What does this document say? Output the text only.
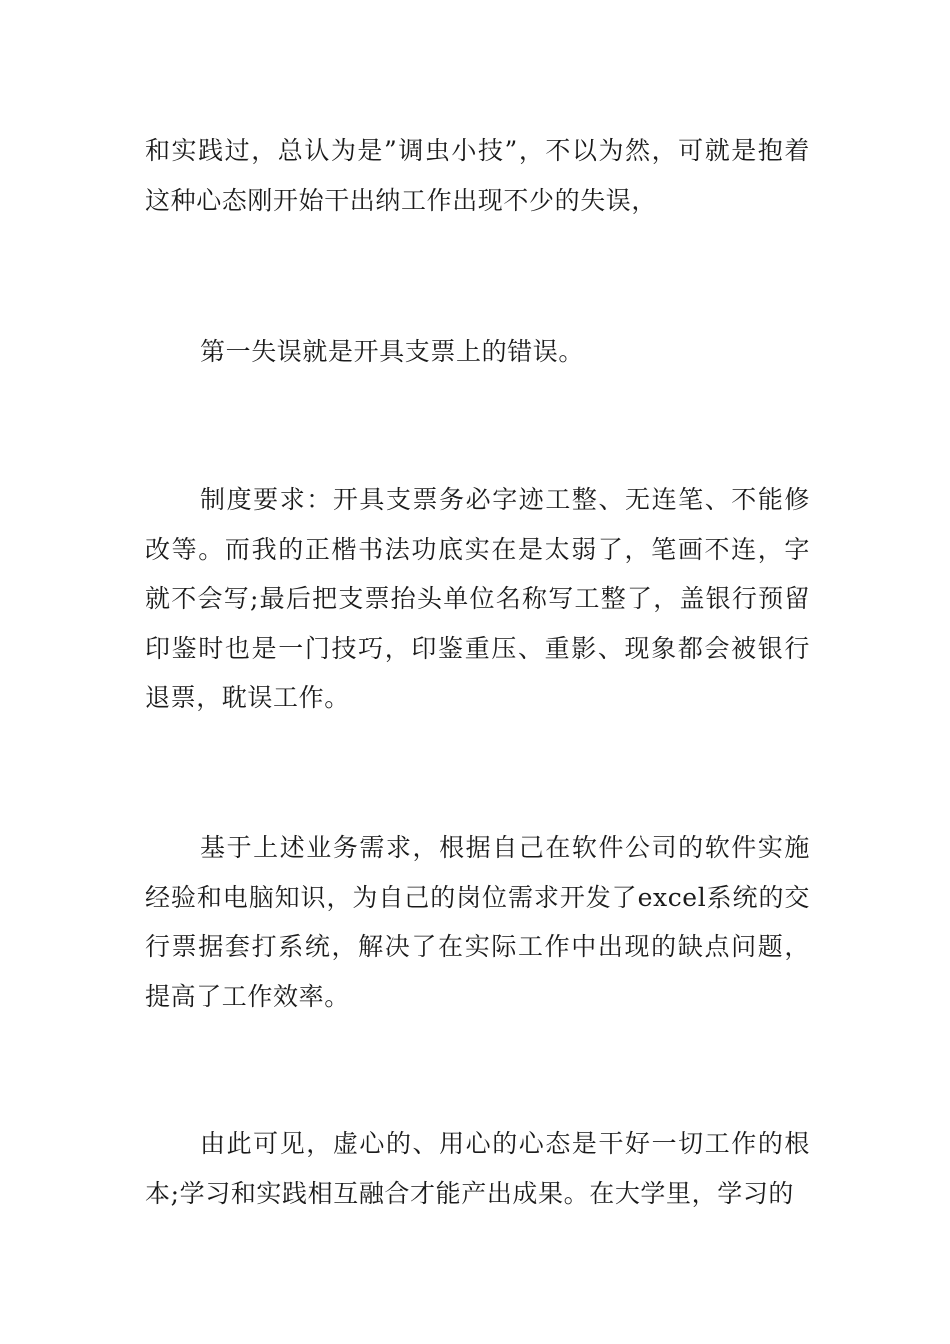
和实践过，总认为是”调虫小技”，不以为然，可就是抱着这种心态刚开始干出纳工作出现不少的失误，

第一失误就是开具支票上的错误。

制度要求：开具支票务必字迹工整、无连笔、不能修改等。而我的正楷书法功底实在是太弱了，笔画不连，字就不会写;最后把支票抬头单位名称写工整了，盖银行预留印鉴时也是一门技巧，印鉴重压、重影、现象都会被银行退票，耽误工作。

基于上述业务需求，根据自己在软件公司的软件实施经验和电脑知识，为自己的岗位需求开发了excel系统的交行票据套打系统，解决了在实际工作中出现的缺点问题，提高了工作效率。

由此可见，虚心的、用心的心态是干好一切工作的根本;学习和实践相互融合才能产出成果。在大学里，学习的
